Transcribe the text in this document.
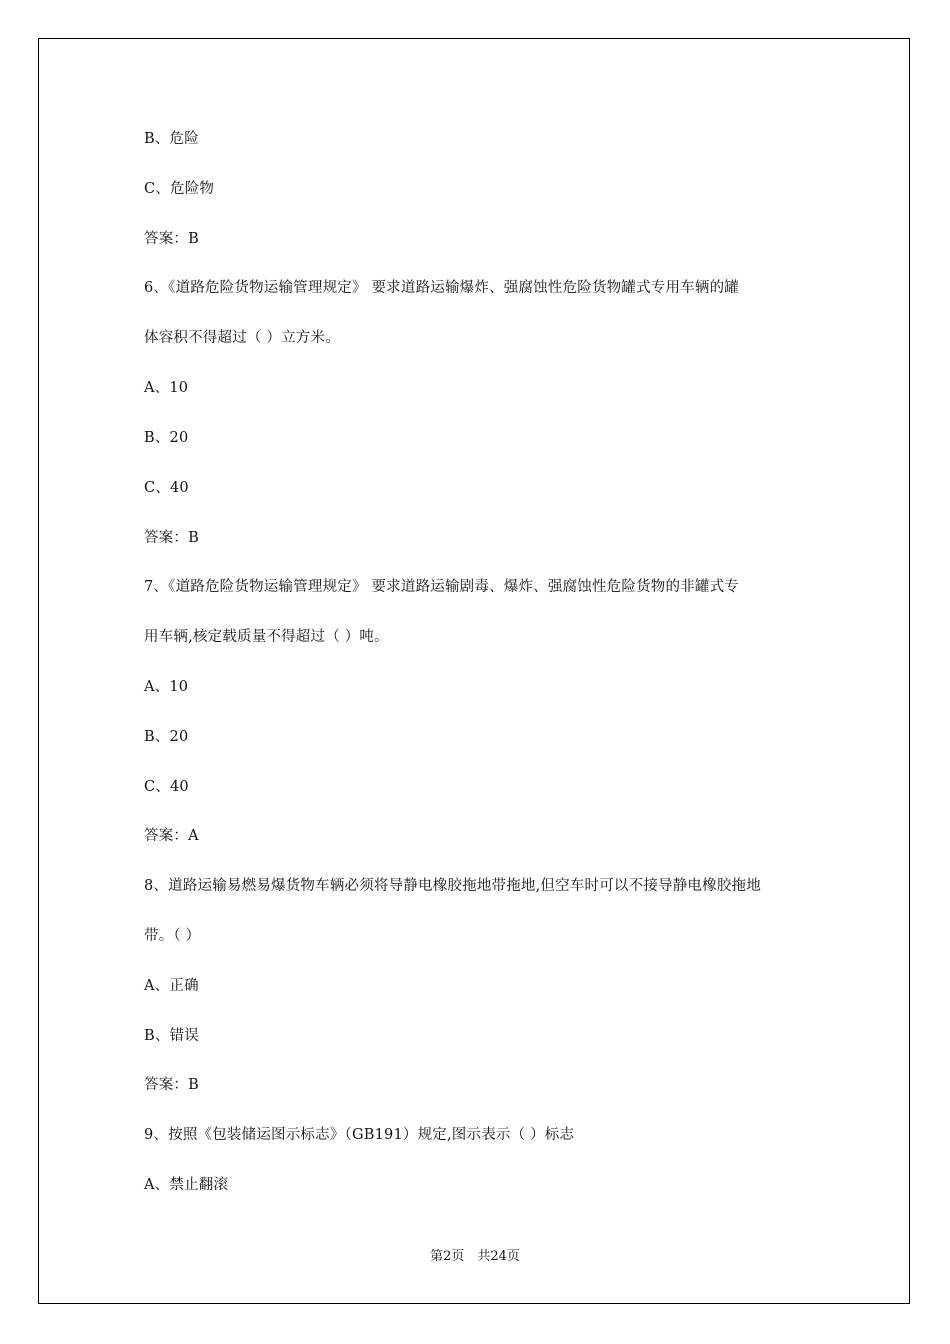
B、危险
C、危险物
答案：B
6、《道路危险货物运输管理规定》 要求道路运输爆炸、强腐蚀性危险货物罐式专用车辆的罐
体容积不得超过（ ）立方米。
A、10
B、20
C、40
答案：B
7、《道路危险货物运输管理规定》 要求道路运输剧毒、爆炸、强腐蚀性危险货物的非罐式专
用车辆,核定载质量不得超过（ ）吨。
A、10
B、20
C、40
答案：A
8、道路运输易燃易爆货物车辆必须将导静电橡胶拖地带拖地,但空车时可以不接导静电橡胶拖地
带。（ ）
A、正确
B、错误
答案：B
9、按照《包装储运图示标志》（GB191）规定,图示表示（ ）标志
A、禁止翻滚
第2页　共24页
